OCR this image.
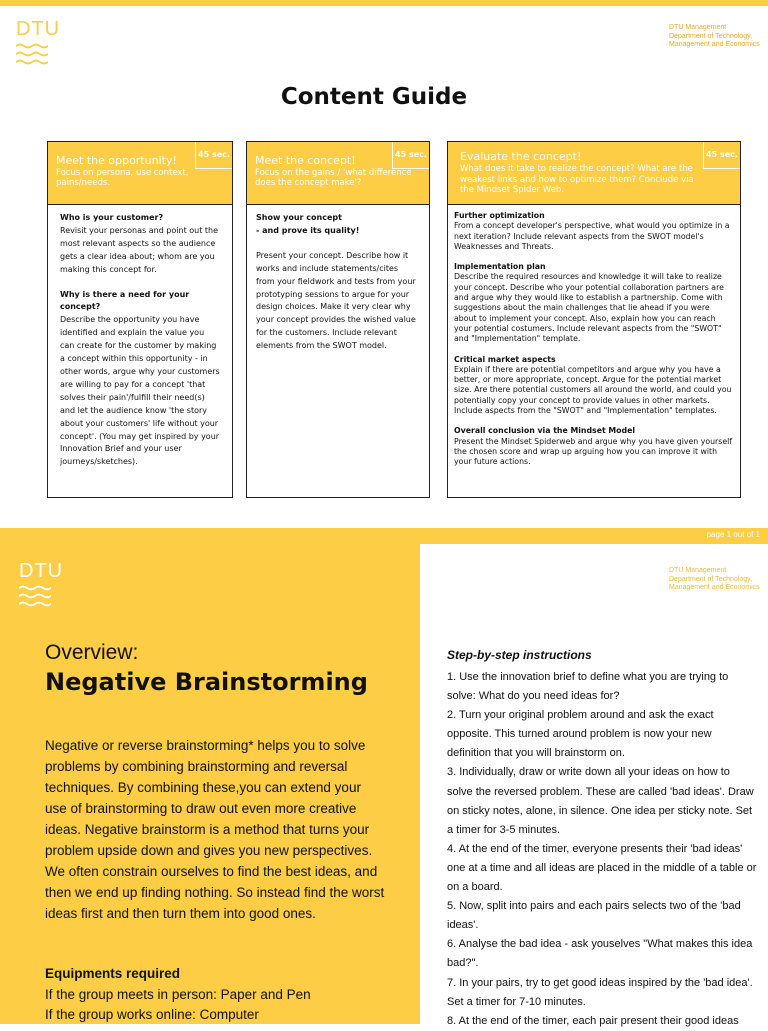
DTU	DTU Management
Department of Technology,
Management and Economics
Content Guide
Meet the opportunity!
Focus on persona, use context, pains/needs.
45 sec.

Who is your customer?
Revisit your personas and point out the most relevant aspects so the audience gets a clear idea about; whom are you making this concept for.

Why is there a need for your concept?
Describe the opportunity you have identified and explain the value you can create for the customer by making a concept within this opportunity - in other words, argue why your customers are willing to pay for a concept 'that solves their pain'/fulfill their need(s) and let the audience know 'the story about your customers' life without your concept'. (You may get inspired by your Innovation Brief and your user journeys/sketches).

Meet the concept!
Focus on the gains / 'what difference does the concept make'?
45 sec.

Show your concept
- and prove its quality!
Present your concept. Describe how it works and include statements/cites from your fieldwork and tests from your prototyping sessions to argue for your design choices. Make it very clear why your concept provides the wished value for the customers. Include relevant elements from the SWOT model.

Evaluate the concept!
What does it take to realize the concept? What are the weakest links and how to optimize them? Conclude via the Mindset Spider Web.
45 sec.

Further optimization
From a concept developer's perspective, what would you optimize in a next iteration? Include relevant aspects from the SWOT model's Weaknesses and Threats.

Implementation plan
Describe the required resources and knowledge it will take to realize your concept. Describe who your potential collaboration partners are and argue why they would like to establish a partnership. Come with suggestions about the main challenges that lie ahead if you were about to implement your concept. Also, explain how you can reach your potential costumers. Include relevant aspects from the "SWOT" and "Implementation" template.

Critical market aspects
Explain if there are potential competitors and argue why you have a better, or more appropriate, concept. Argue for the potential market size. Are there potential customers all around the world, and could you potentially copy your concept to provide values in other markets. Include aspects from the "SWOT" and "Implementation" templates.

Overall conclusion via the Mindset Model
Present the Mindset Spiderweb and argue why you have given yourself the chosen score and wrap up arguing how you can improve it with your future actions.

page 1 out of 1
DTU	DTU Management
Department of Technology,
Management and Economics
Overview:
Negative Brainstorming
Negative or reverse brainstorming* helps you to solve problems by combining brainstorming and reversal techniques. By combining these,you can extend your use of brainstorming to draw out even more creative ideas. Negative brainstorm is a method that turns your problem upside down and gives you new perspectives. We often constrain ourselves to find the best ideas, and then we end up finding nothing. So instead find the worst ideas first and then turn them into good ones.
Equipments required
If the group meets in person: Paper and Pen
If the group works online: Computer
Step-by-step instructions
1. Use the innovation brief to define what you are trying to solve: What do you need ideas for?
2. Turn your original problem around and ask the exact opposite. This turned around problem is now your new definition that you will brainstorm on.
3. Individually, draw or write down all your ideas on how to solve the reversed problem. These are called 'bad ideas'. Draw on sticky notes, alone, in silence. One idea per sticky note. Set a timer for 3-5 minutes.
4. At the end of the timer, everyone presents their 'bad ideas' one at a time and all ideas are placed in the middle of a table or on a board.
5. Now, split into pairs and each pairs selects two of the 'bad ideas'.
6. Analyse the bad idea - ask youselves "What makes this idea bad?".
7. In your pairs, try to get good ideas inspired by the 'bad idea'. Set a timer for 7-10 minutes.
8. At the end of the timer, each pair present their good ideas
